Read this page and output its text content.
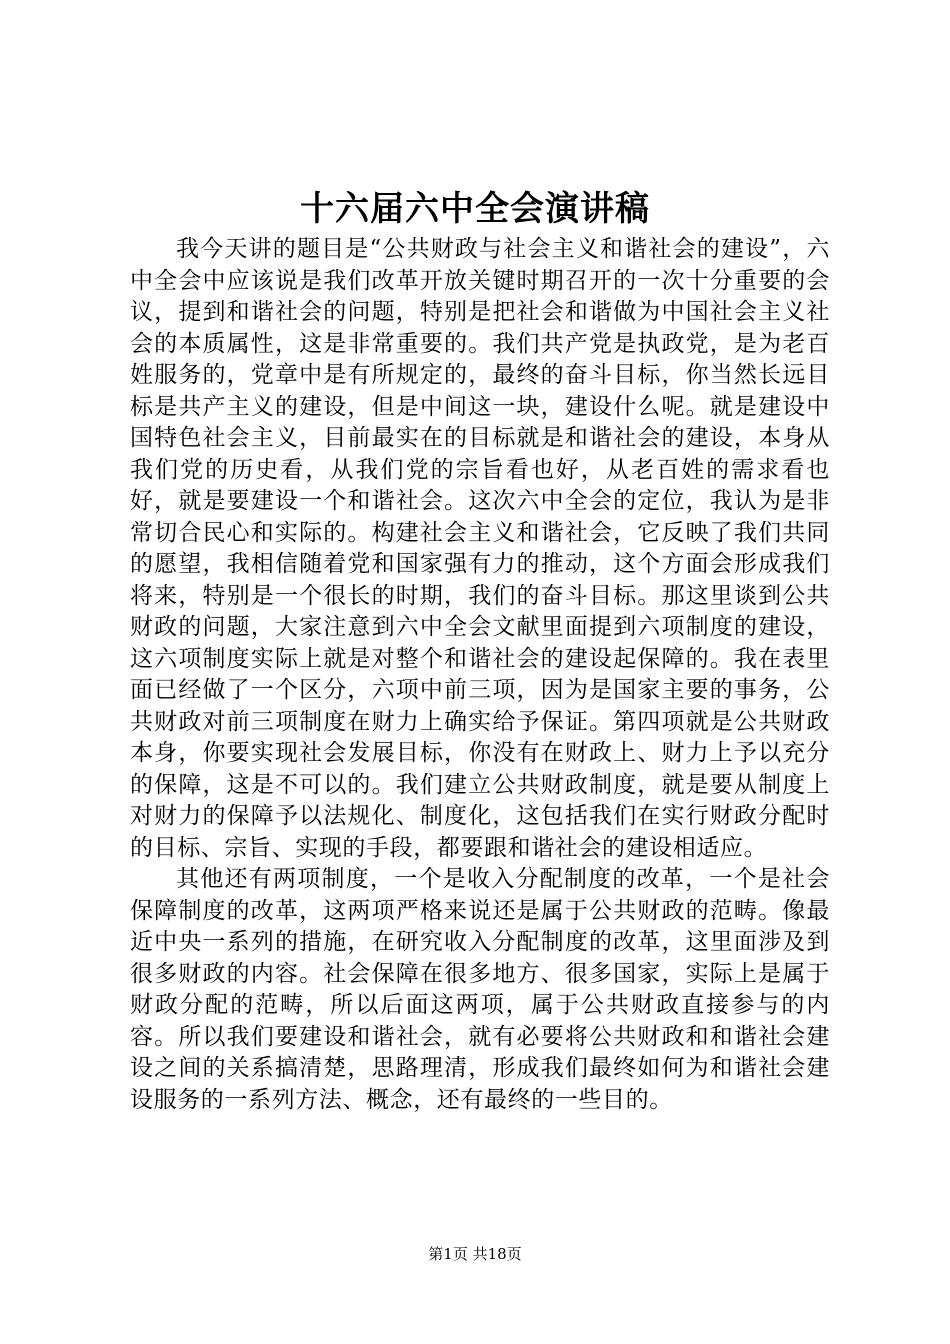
十六届六中全会演讲稿

我今天讲的题目是“公共财政与社会主义和谐社会的建设”，六中全会中应该说是我们改革开放关键时期召开的一次十分重要的会议，提到和谐社会的问题，特别是把社会和谐做为中国社会主义社会的本质属性，这是非常重要的。我们共产党是执政党，是为老百姓服务的，党章中是有所规定的，最终的奋斗目标，你当然长远目标是共产主义的建设，但是中间这一块，建设什么呢。就是建设中国特色社会主义，目前最实在的目标就是和谐社会的建设，本身从我们党的历史看，从我们党的宗旨看也好，从老百姓的需求看也好，就是要建设一个和谐社会。这次六中全会的定位，我认为是非常切合民心和实际的。构建社会主义和谐社会，它反映了我们共同的愿望，我相信随着党和国家强有力的推动，这个方面会形成我们将来，特别是一个很长的时期，我们的奋斗目标。那这里谈到公共财政的问题，大家注意到六中全会文献里面提到六项制度的建设，这六项制度实际上就是对整个和谐社会的建设起保障的。我在表里面已经做了一个区分，六项中前三项，因为是国家主要的事务，公共财政对前三项制度在财力上确实给予保证。第四项就是公共财政本身，你要实现社会发展目标，你没有在财政上、财力上予以充分的保障，这是不可以的。我们建立公共财政制度，就是要从制度上对财力的保障予以法规化、制度化，这包括我们在实行财政分配时的目标、宗旨、实现的手段，都要跟和谐社会的建设相适应。

其他还有两项制度，一个是收入分配制度的改革，一个是社会保障制度的改革，这两项严格来说还是属于公共财政的范畴。像最近中央一系列的措施，在研究收入分配制度的改革，这里面涉及到很多财政的内容。社会保障在很多地方、很多国家，实际上是属于财政分配的范畴，所以后面这两项，属于公共财政直接参与的内容。所以我们要建设和谐社会，就有必要将公共财政和和谐社会建设之间的关系搞清楚，思路理清，形成我们最终如何为和谐社会建设服务的一系列方法、概念，还有最终的一些目的。

第1页 共18页
